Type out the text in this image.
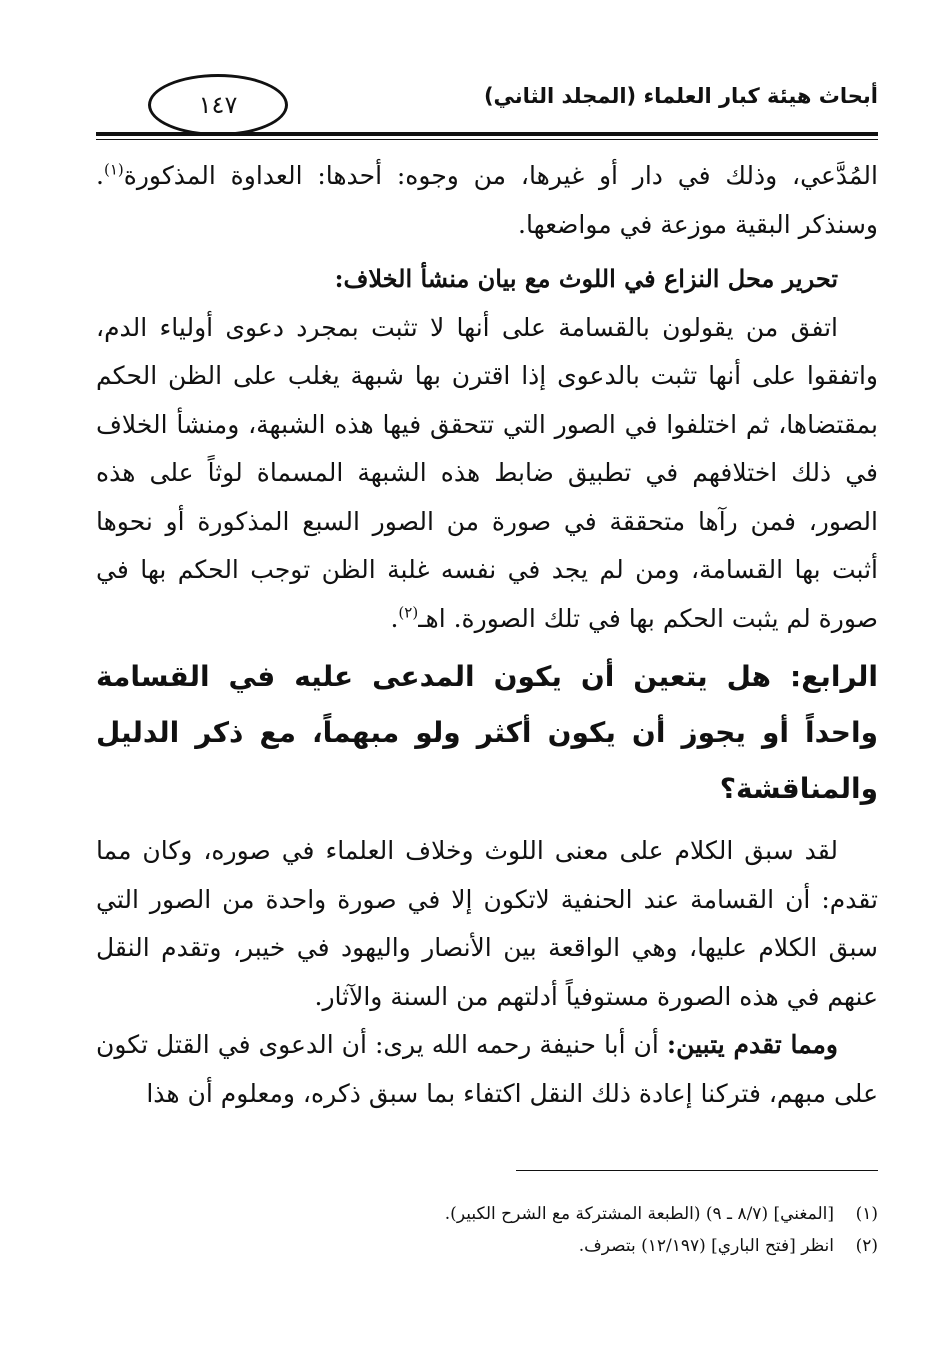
أبحاث هيئة كبار العلماء (المجلد الثاني)
١٤٧

المُدَّعي، وذلك في دار أو غيرها، من وجوه: أحدها: العداوة المذكورة$^{(١)}$. وسنذكر البقية موزعة في مواضعها.

تحرير محل النزاع في اللوث مع بيان منشأ الخلاف:

اتفق من يقولون بالقسامة على أنها لا تثبت بمجرد دعوى أولياء الدم، واتفقوا على أنها تثبت بالدعوى إذا اقترن بها شبهة يغلب على الظن الحكم بمقتضاها، ثم اختلفوا في الصور التي تتحقق فيها هذه الشبهة، ومنشأ الخلاف في ذلك اختلافهم في تطبيق ضابط هذه الشبهة المسماة لوثاً على هذه الصور، فمن رآها متحققة في صورة من الصور السبع المذكورة أو نحوها أثبت بها القسامة، ومن لم يجد في نفسه غلبة الظن توجب الحكم بها في صورة لم يثبت الحكم بها في تلك الصورة. اهـ$^{(٢)}$.

الرابع: هل يتعين أن يكون المدعى عليه في القسامة واحداً أو يجوز أن يكون أكثر ولو مبهماً، مع ذكر الدليل والمناقشة؟

لقد سبق الكلام على معنى اللوث وخلاف العلماء في صوره، وكان مما تقدم: أن القسامة عند الحنفية لاتكون إلا في صورة واحدة من الصور التي سبق الكلام عليها، وهي الواقعة بين الأنصار واليهود في خيبر، وتقدم النقل عنهم في هذه الصورة مستوفياً أدلتهم من السنة والآثار.

ومما تقدم يتبين: أن أبا حنيفة رحمه الله يرى: أن الدعوى في القتل تكون على مبهم، فتركنا إعادة ذلك النقل اكتفاء بما سبق ذكره، ومعلوم أن هذا

(١)[المغني] (٨/٧ ـ ٩) (الطبعة المشتركة مع الشرح الكبير).
(٢)انظر [فتح الباري] (١٢/١٩٧) بتصرف.
